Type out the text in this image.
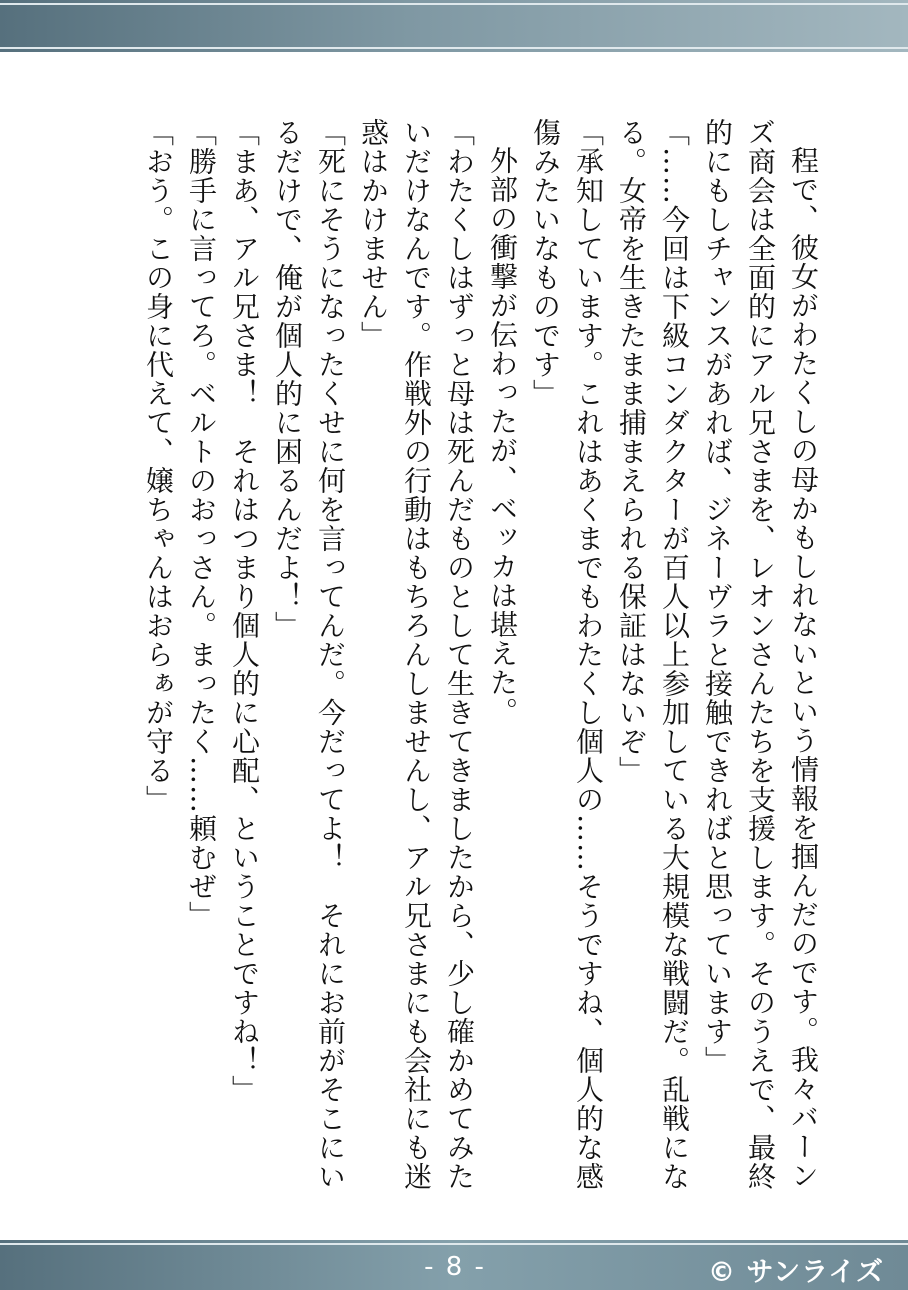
程で、彼女がわたくしの母かもしれないという情報を掴んだのです。我々バーンズ商会は全面的にアル兄さまを、レオンさんたちを支援します。そのうえで、最終的にもしチャンスがあれば、ジネーヴラと接触できればと思っています」

「……今回は下級コンダクターが百人以上参加している大規模な戦闘だ。乱戦になる。女帝を生きたまま捕まえられる保証はないぞ」

「承知しています。これはあくまでもわたくし個人の……そうですね、個人的な感傷みたいなものです」

外部の衝撃が伝わったが、ベッカは堪えた。

「わたくしはずっと母は死んだものとして生きてきましたから、少し確かめてみたいだけなんです。作戦外の行動はもちろんしませんし、アル兄さまにも会社にも迷惑はかけません」

「死にそうになったくせに何を言ってんだ。今だってよ！　それにお前がそこにいるだけで、俺が個人的に困るんだよ！」

「まあ、アル兄さま！　それはつまり個人的に心配、ということですね！」

「勝手に言ってろ。ベルトのおっさん。まったく……頼むぜ」

「おう。この身に代えて、嬢ちゃんはおらぁが守る」

- 8 -	© サンライズ
